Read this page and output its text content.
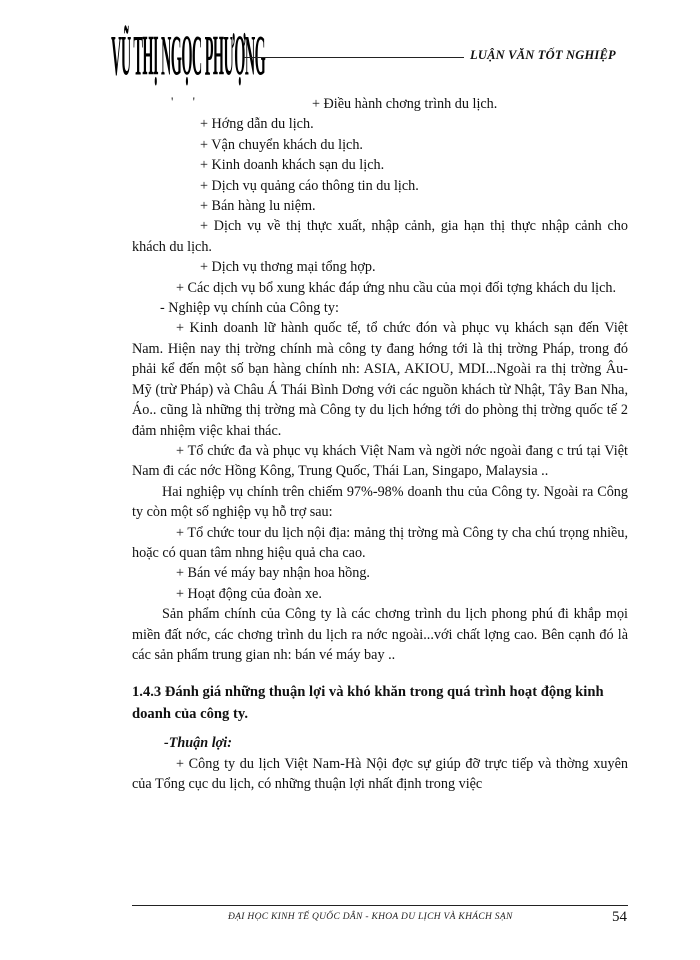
VŨ THỊ NGỌC PHƯỢNG	LUẬN VĂN TỐT NGHIỆP
' '	+ Điều hành chơng trình du lịch.

+ Hớng dẫn du lịch.

+ Vận chuyển khách du lịch.

+ Kinh doanh khách sạn du lịch.

+ Dịch vụ quảng cáo thông tin du lịch.

+ Bán hàng lu niệm.

+ Dịch vụ về thị thực xuất, nhập cảnh, gia hạn thị thực nhập cảnh cho khách du lịch.

+ Dịch vụ thơng mại tổng hợp.

+ Các dịch vụ bổ xung khác đáp ứng nhu cầu của mọi đối tợng khách du lịch.

- Nghiệp vụ chính của Công ty:

+ Kinh doanh lữ hành quốc tế, tổ chức đón và phục vụ khách sạn đến Việt Nam. Hiện nay thị trờng chính mà công ty đang hớng tới là thị trờng Pháp, trong đó phải kể đến một số bạn hàng chính nh: ASIA, AKIOU, MDI...Ngoài ra thị trờng Âu-Mỹ (trừ Pháp) và Châu Á Thái Bình Dơng với các nguồn khách từ Nhật, Tây Ban Nha, Áo.. cũng là những thị trờng mà Công ty du lịch hớng tới do phòng thị trờng quốc tế 2 đảm nhiệm việc khai thác.

+ Tổ chức đa và phục vụ khách Việt Nam và ngời nớc ngoài đang c trú tại Việt Nam đi các nớc Hồng Kông, Trung Quốc, Thái Lan, Singapo, Malaysia ..

Hai nghiệp vụ chính trên chiếm 97%-98% doanh thu của Công ty. Ngoài ra Công ty còn một số nghiệp vụ hỗ trợ sau:

+ Tổ chức tour du lịch nội địa: mảng thị trờng mà Công ty cha chú trọng nhiều, hoặc có quan tâm nhng hiệu quả cha cao.

+ Bán vé máy bay nhận hoa hồng.

+ Hoạt động của đoàn xe.

Sản phẩm chính của Công ty là các chơng trình du lịch phong phú đi khắp mọi miền đất nớc, các chơng trình du lịch ra nớc ngoài...với chất lợng cao. Bên cạnh đó là các sản phẩm trung gian nh: bán vé máy bay ..

1.4.3 Đánh giá những thuận lợi và khó khăn trong quá trình hoạt động kinh doanh của công ty.

-Thuận lợi:

+ Công ty du lịch Việt Nam-Hà Nội đợc sự giúp đỡ trực tiếp và thờng xuyên của Tổng cục du lịch, có những thuận lợi nhất định trong việc

ĐẠI HỌC KINH TẾ QUỐC DÂN - KHOA DU LỊCH VÀ KHÁCH SẠN	54
